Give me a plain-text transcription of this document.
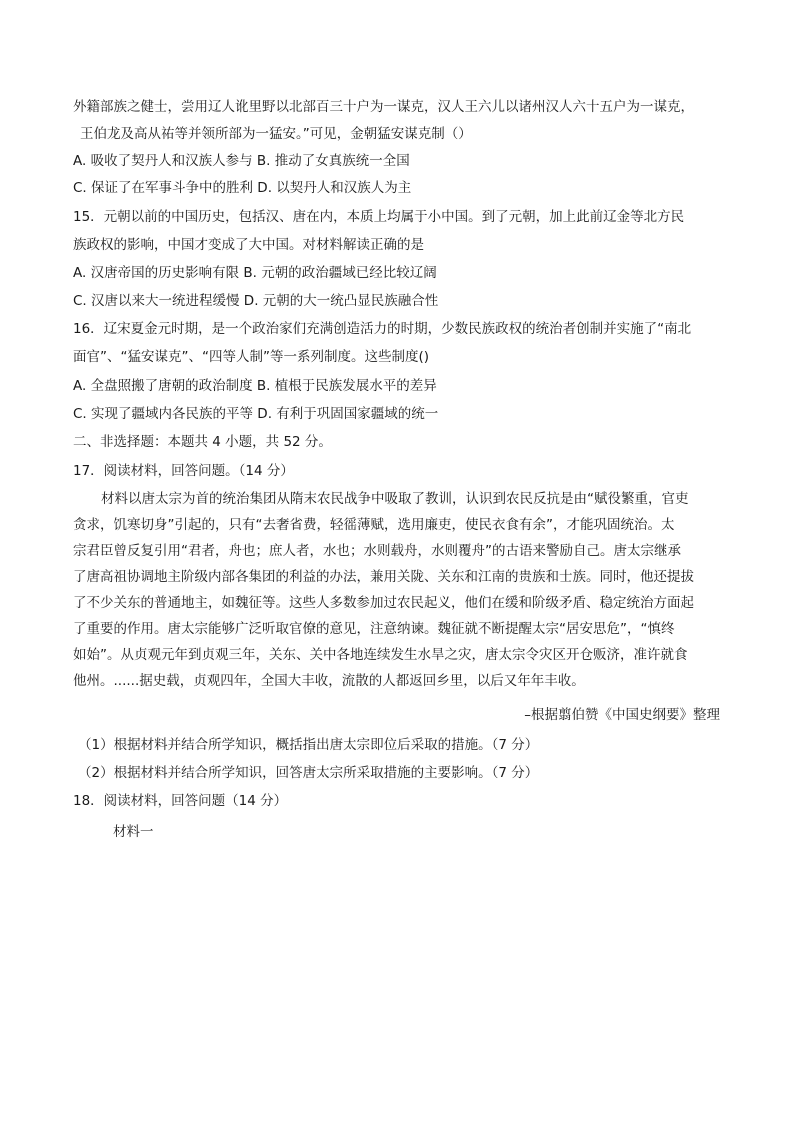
外籍部族之健士，尝用辽人讹里野以北部百三十户为一谋克，汉人王六儿以诸州汉人六十五户为一谋克，
王伯龙及高从祐等并领所部为一猛安。”可见，金朝猛安谋克制（）
A. 吸收了契丹人和汉族人参与 B. 推动了女真族统一全国
C. 保证了在军事斗争中的胜利 D. 以契丹人和汉族人为主
15．元朝以前的中国历史，包括汉、唐在内，本质上均属于小中国。到了元朝，加上此前辽金等北方民
族政权的影响，中国才变成了大中国。对材料解读正确的是
A. 汉唐帝国的历史影响有限 B. 元朝的政治疆域已经比较辽阔
C. 汉唐以来大一统进程缓慢 D. 元朝的大一统凸显民族融合性
16．辽宋夏金元时期，是一个政治家们充满创造活力的时期，少数民族政权的统治者创制并实施了“南北
面官”、“猛安谋克”、“四等人制”等一系列制度。这些制度()
A. 全盘照搬了唐朝的政治制度 B. 植根于民族发展水平的差异
C. 实现了疆域内各民族的平等 D. 有利于巩固国家疆域的统一
二、非选择题：本题共 4 小题，共 52 分。
17．阅读材料，回答问题。（14 分）
材料以唐太宗为首的统治集团从隋末农民战争中吸取了教训，认识到农民反抗是由“赋役繁重，官吏
贪求，饥寒切身”引起的，只有“去奢省费，轻徭薄赋，选用廉吏，使民衣食有余”，才能巩固统治。太
宗君臣曾反复引用“君者，舟也；庶人者，水也；水则载舟，水则覆舟”的古语来警励自己。唐太宗继承
了唐高祖协调地主阶级内部各集团的利益的办法，兼用关陇、关东和江南的贵族和士族。同时，他还提拔
了不少关东的普通地主，如魏征等。这些人多数参加过农民起义，他们在缓和阶级矛盾、稳定统治方面起
了重要的作用。唐太宗能够广泛听取官僚的意见，注意纳谏。魏征就不断提醒太宗“居安思危”，“慎终
如始”。从贞观元年到贞观三年，关东、关中各地连续发生水旱之灾，唐太宗令灾区开仓贩济，准许就食
他州。......据史载，贞观四年，全国大丰收，流散的人都返回乡里，以后又年年丰收。
–根据翦伯赞《中国史纲要》整理
（1）根据材料并结合所学知识，概括指出唐太宗即位后采取的措施。（7 分）
（2）根据材料并结合所学知识，回答唐太宗所采取措施的主要影响。（7 分）
18．阅读材料，回答问题（14 分）
材料一
